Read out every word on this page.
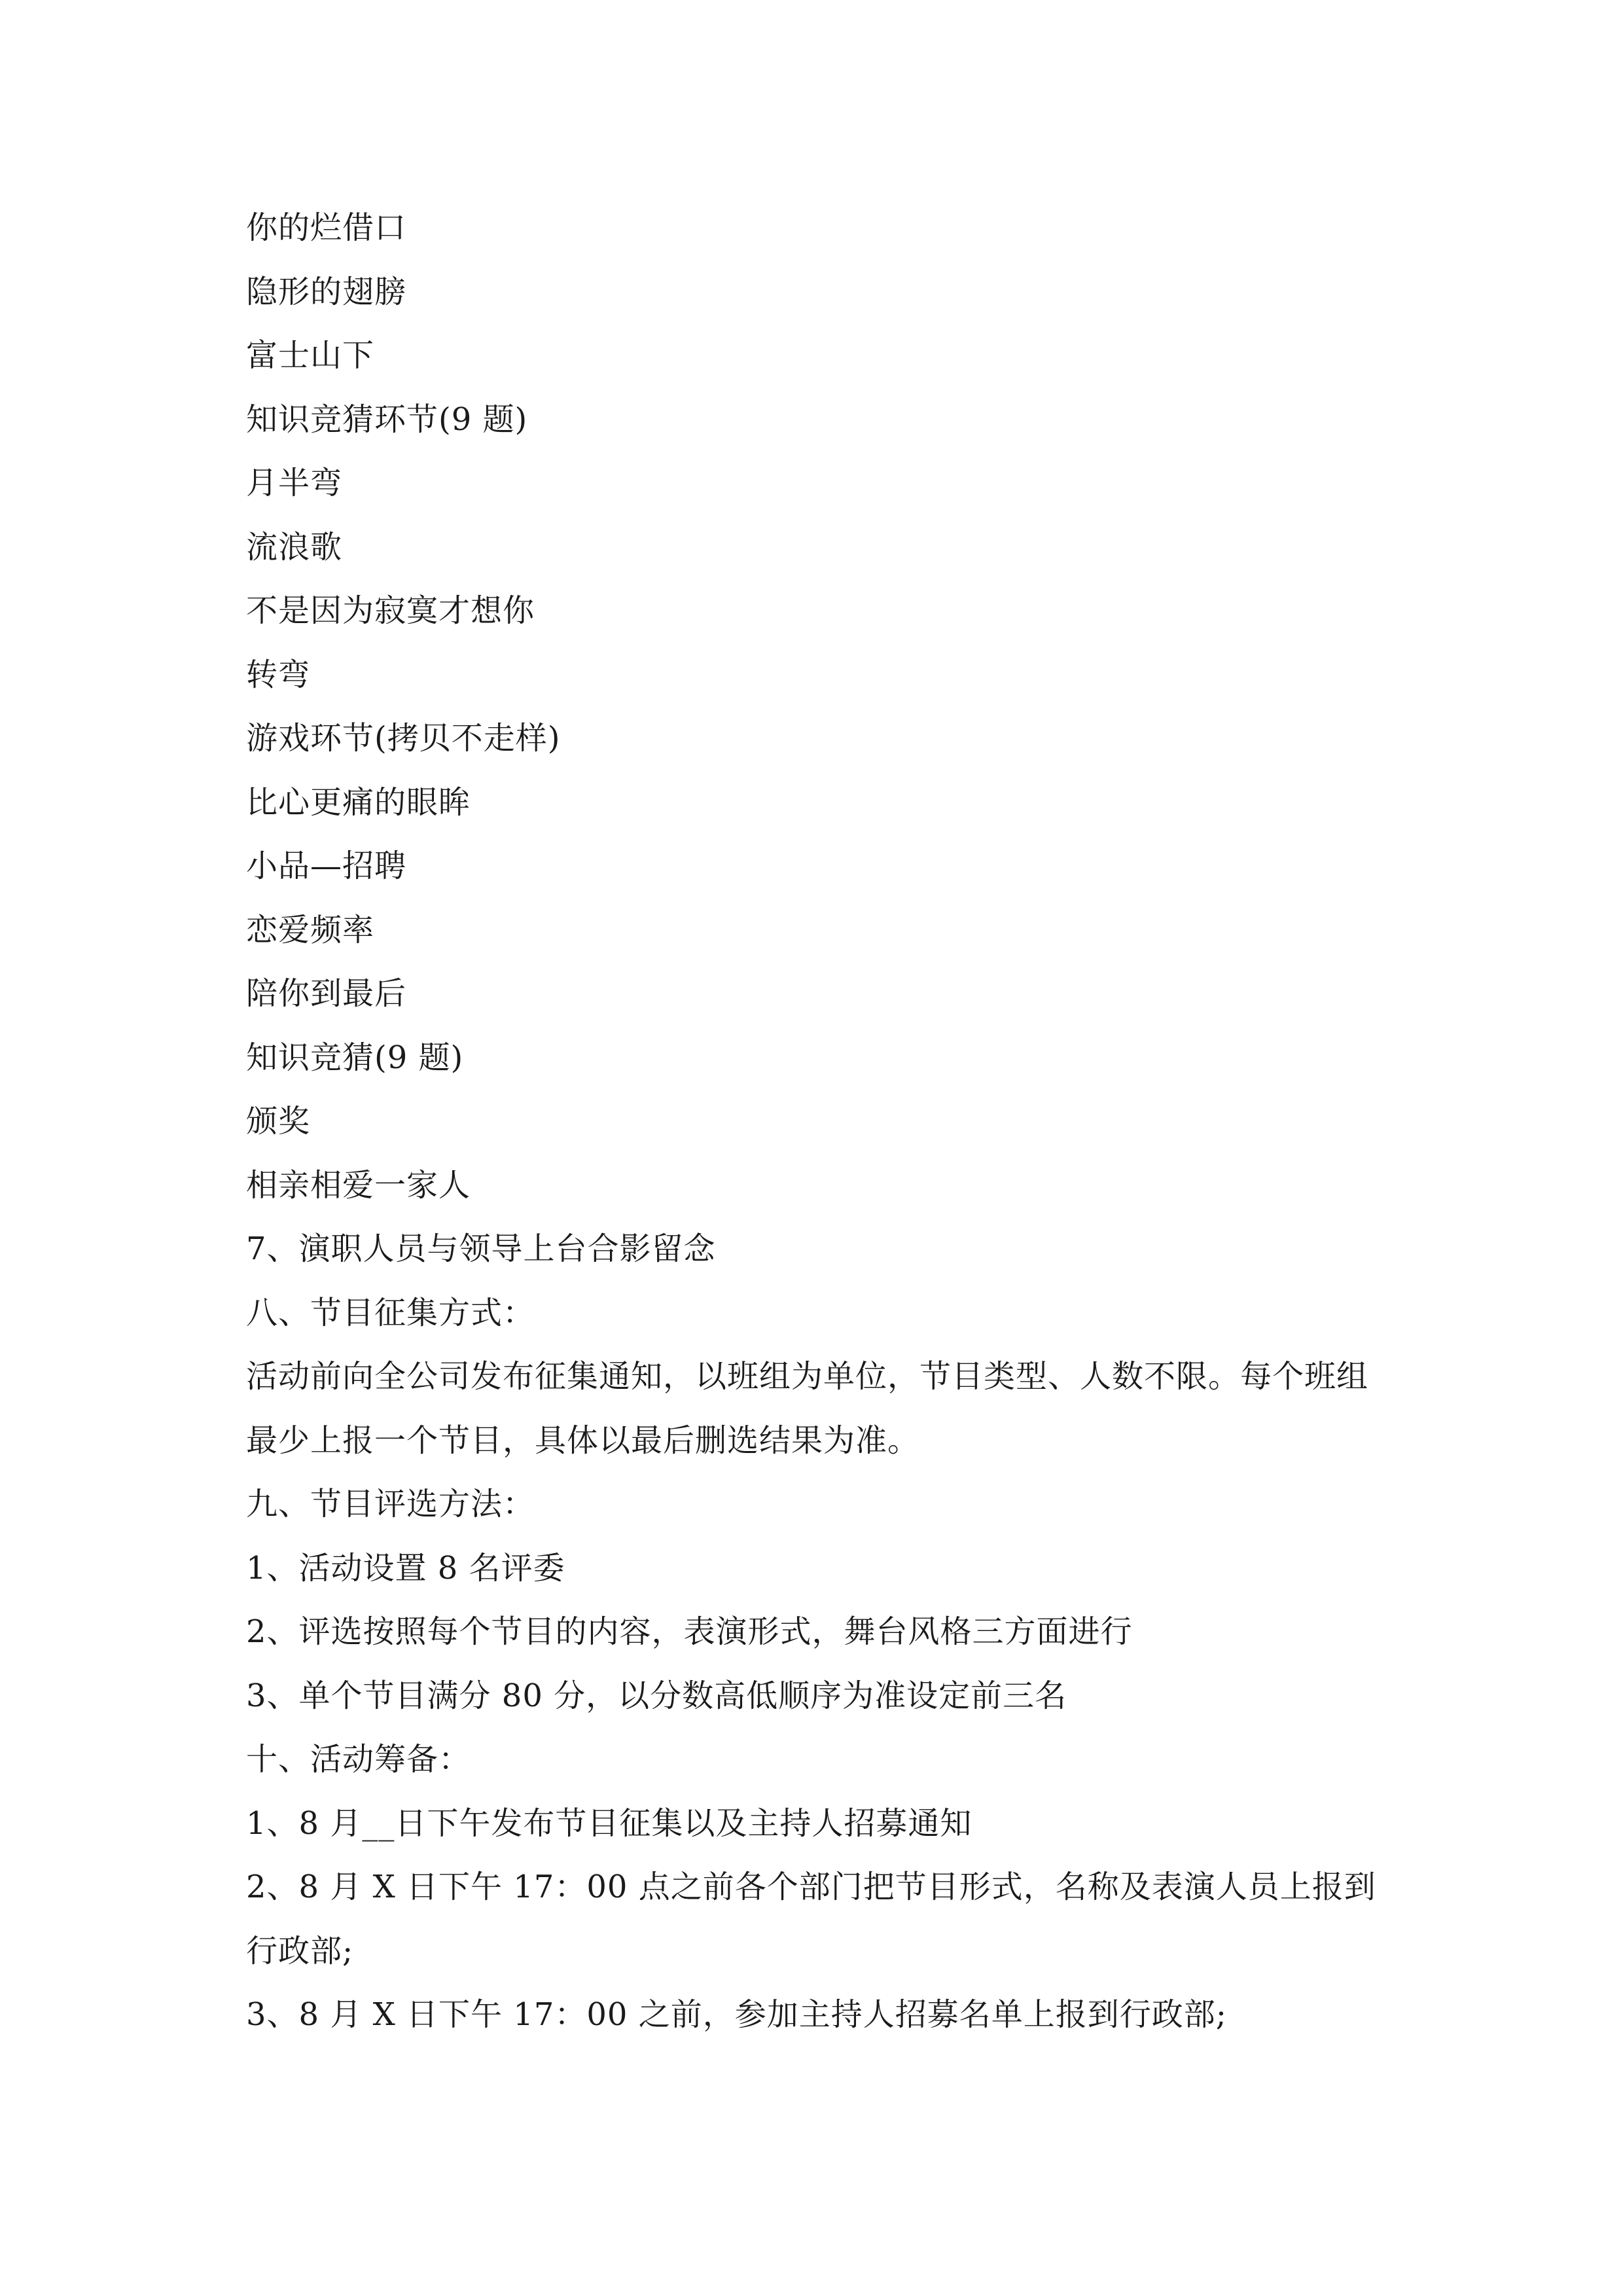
你的烂借口
隐形的翅膀
富士山下
知识竞猜环节(9 题)
月半弯
流浪歌
不是因为寂寞才想你
转弯
游戏环节(拷贝不走样)
比心更痛的眼眸
小品—招聘
恋爱频率
陪你到最后
知识竞猜(9 题)
颁奖
相亲相爱一家人
7、演职人员与领导上台合影留念
八、节目征集方式：
活动前向全公司发布征集通知，以班组为单位，节目类型、人数不限。每个班组最少上报一个节目，具体以最后删选结果为准。
九、节目评选方法：
1、活动设置 8 名评委
2、评选按照每个节目的内容，表演形式，舞台风格三方面进行
3、单个节目满分 80 分，以分数高低顺序为准设定前三名
十、活动筹备：
1、8 月__日下午发布节目征集以及主持人招募通知
2、8 月 X 日下午 17：00 点之前各个部门把节目形式，名称及表演人员上报到行政部;
3、8 月 X 日下午 17：00 之前，参加主持人招募名单上报到行政部;
